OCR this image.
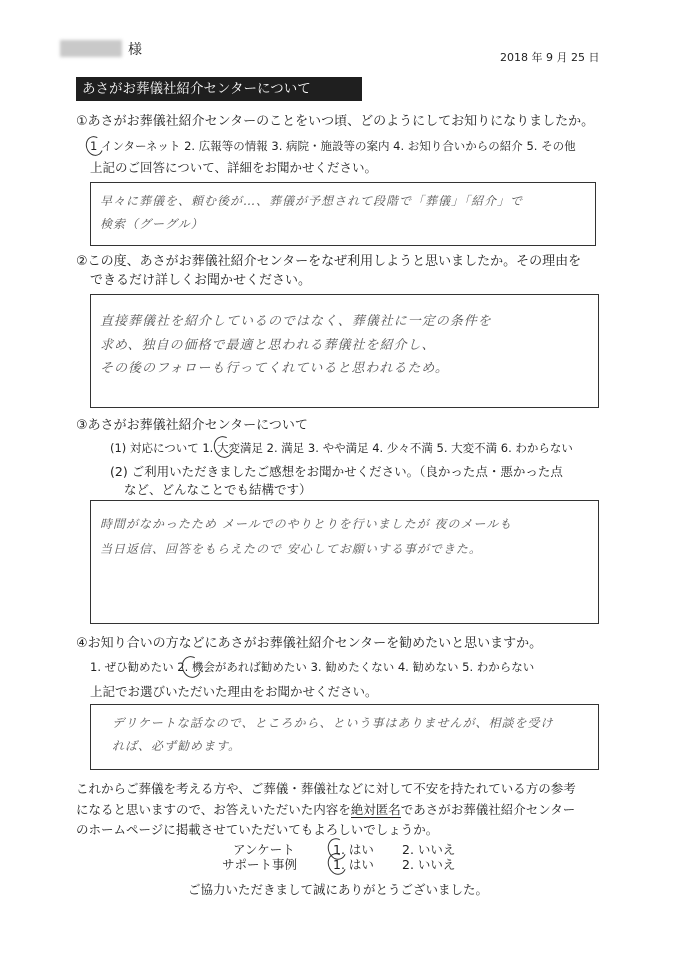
様	2018 年 9 月 25 日
あさがお葬儀社紹介センターについて
①あさがお葬儀社紹介センターのことをいつ頃、どのようにしてお知りになりましたか。
1 インターネット 2. 広報等の情報 3. 病院・施設等の案内 4. お知り合いからの紹介 5. その他
上記のご回答について、詳細をお聞かせください。
早々に葬儀を、頼む後が…、葬儀が予想されて段階で「葬儀」「紹介」で
検索（グーグル）
②この度、あさがお葬儀社紹介センターをなぜ利用しようと思いましたか。その理由を
できるだけ詳しくお聞かせください。
直接葬儀社を紹介しているのではなく、葬儀社に一定の条件を
求め、独自の価格で最適と思われる葬儀社を紹介し、
その後のフォローも行ってくれていると思われるため。
③あさがお葬儀社紹介センターについて
(1) 対応について 1. 大変満足 2. 満足 3. やや満足 4. 少々不満 5. 大変不満 6. わからない
(2) ご利用いただきましたご感想をお聞かせください。（良かった点・悪かった点
など、どんなことでも結構です）
時間がなかったため メールでのやりとりを行いましたが 夜のメールも
当日返信、回答をもらえたので 安心してお願いする事ができた。
④お知り合いの方などにあさがお葬儀社紹介センターを勧めたいと思いますか。
1. ぜひ勧めたい 2. 機会があれば勧めたい 3. 勧めたくない 4. 勧めない 5. わからない
上記でお選びいただいた理由をお聞かせください。
デリケートな話なので、ところから、という事はありませんが、相談を受け
れば、必ず勧めます。
これからご葬儀を考える方や、ご葬儀・葬儀社などに対して不安を持たれている方の参考
になると思いますので、お答えいただいた内容を絶対匿名であさがお葬儀社紹介センター
のホームページに掲載させていただいてもよろしいでしょうか。
アンケート	1. はい 2. いいえ
サポート事例	1. はい 2. いいえ
ご協力いただきまして誠にありがとうございました。
